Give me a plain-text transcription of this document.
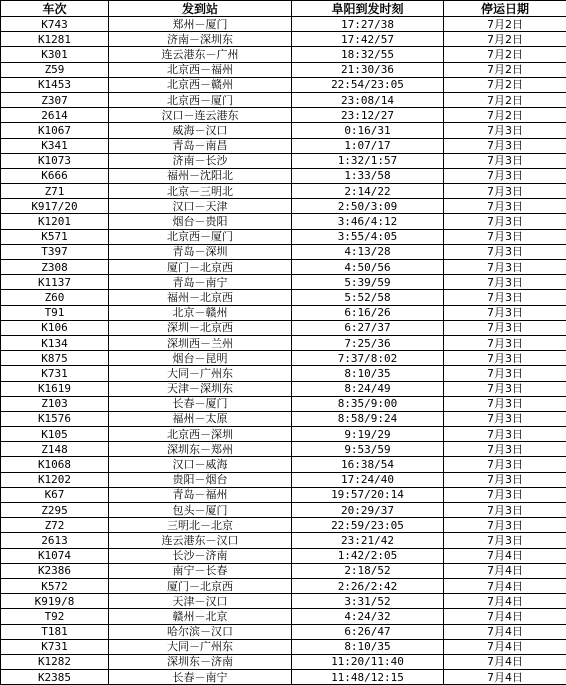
车次	发到站	阜阳到发时刻	停运日期
K743	郑州－厦门	17:27/38	7月2日
K1281	济南－深圳东	17:42/57	7月2日
K301	连云港东－广州	18:32/55	7月2日
Z59	北京西－福州	21:30/36	7月2日
K1453	北京西－赣州	22:54/23:05	7月2日
Z307	北京西－厦门	23:08/14	7月2日
2614	汉口－连云港东	23:12/27	7月2日
K1067	威海－汉口	0:16/31	7月3日
K341	青岛－南昌	1:07/17	7月3日
K1073	济南－长沙	1:32/1:57	7月3日
K666	福州－沈阳北	1:33/58	7月3日
Z71	北京－三明北	2:14/22	7月3日
K917/20	汉口－天津	2:50/3:09	7月3日
K1201	烟台－贵阳	3:46/4:12	7月3日
K571	北京西－厦门	3:55/4:05	7月3日
T397	青岛－深圳	4:13/28	7月3日
Z308	厦门－北京西	4:50/56	7月3日
K1137	青岛－南宁	5:39/59	7月3日
Z60	福州－北京西	5:52/58	7月3日
T91	北京－赣州	6:16/26	7月3日
K106	深圳－北京西	6:27/37	7月3日
K134	深圳西－兰州	7:25/36	7月3日
K875	烟台－昆明	7:37/8:02	7月3日
K731	大同－广州东	8:10/35	7月3日
K1619	天津－深圳东	8:24/49	7月3日
Z103	长春－厦门	8:35/9:00	7月3日
K1576	福州－太原	8:58/9:24	7月3日
K105	北京西－深圳	9:19/29	7月3日
Z148	深圳东－郑州	9:53/59	7月3日
K1068	汉口－威海	16:38/54	7月3日
K1202	贵阳－烟台	17:24/40	7月3日
K67	青岛－福州	19:57/20:14	7月3日
Z295	包头－厦门	20:29/37	7月3日
Z72	三明北－北京	22:59/23:05	7月3日
2613	连云港东－汉口	23:21/42	7月3日
K1074	长沙－济南	1:42/2:05	7月4日
K2386	南宁－长春	2:18/52	7月4日
K572	厦门－北京西	2:26/2:42	7月4日
K919/8	天津－汉口	3:31/52	7月4日
T92	赣州－北京	4:24/32	7月4日
T181	哈尔滨－汉口	6:26/47	7月4日
K731	大同－广州东	8:10/35	7月4日
K1282	深圳东－济南	11:20/11:40	7月4日
K2385	长春－南宁	11:48/12:15	7月4日
